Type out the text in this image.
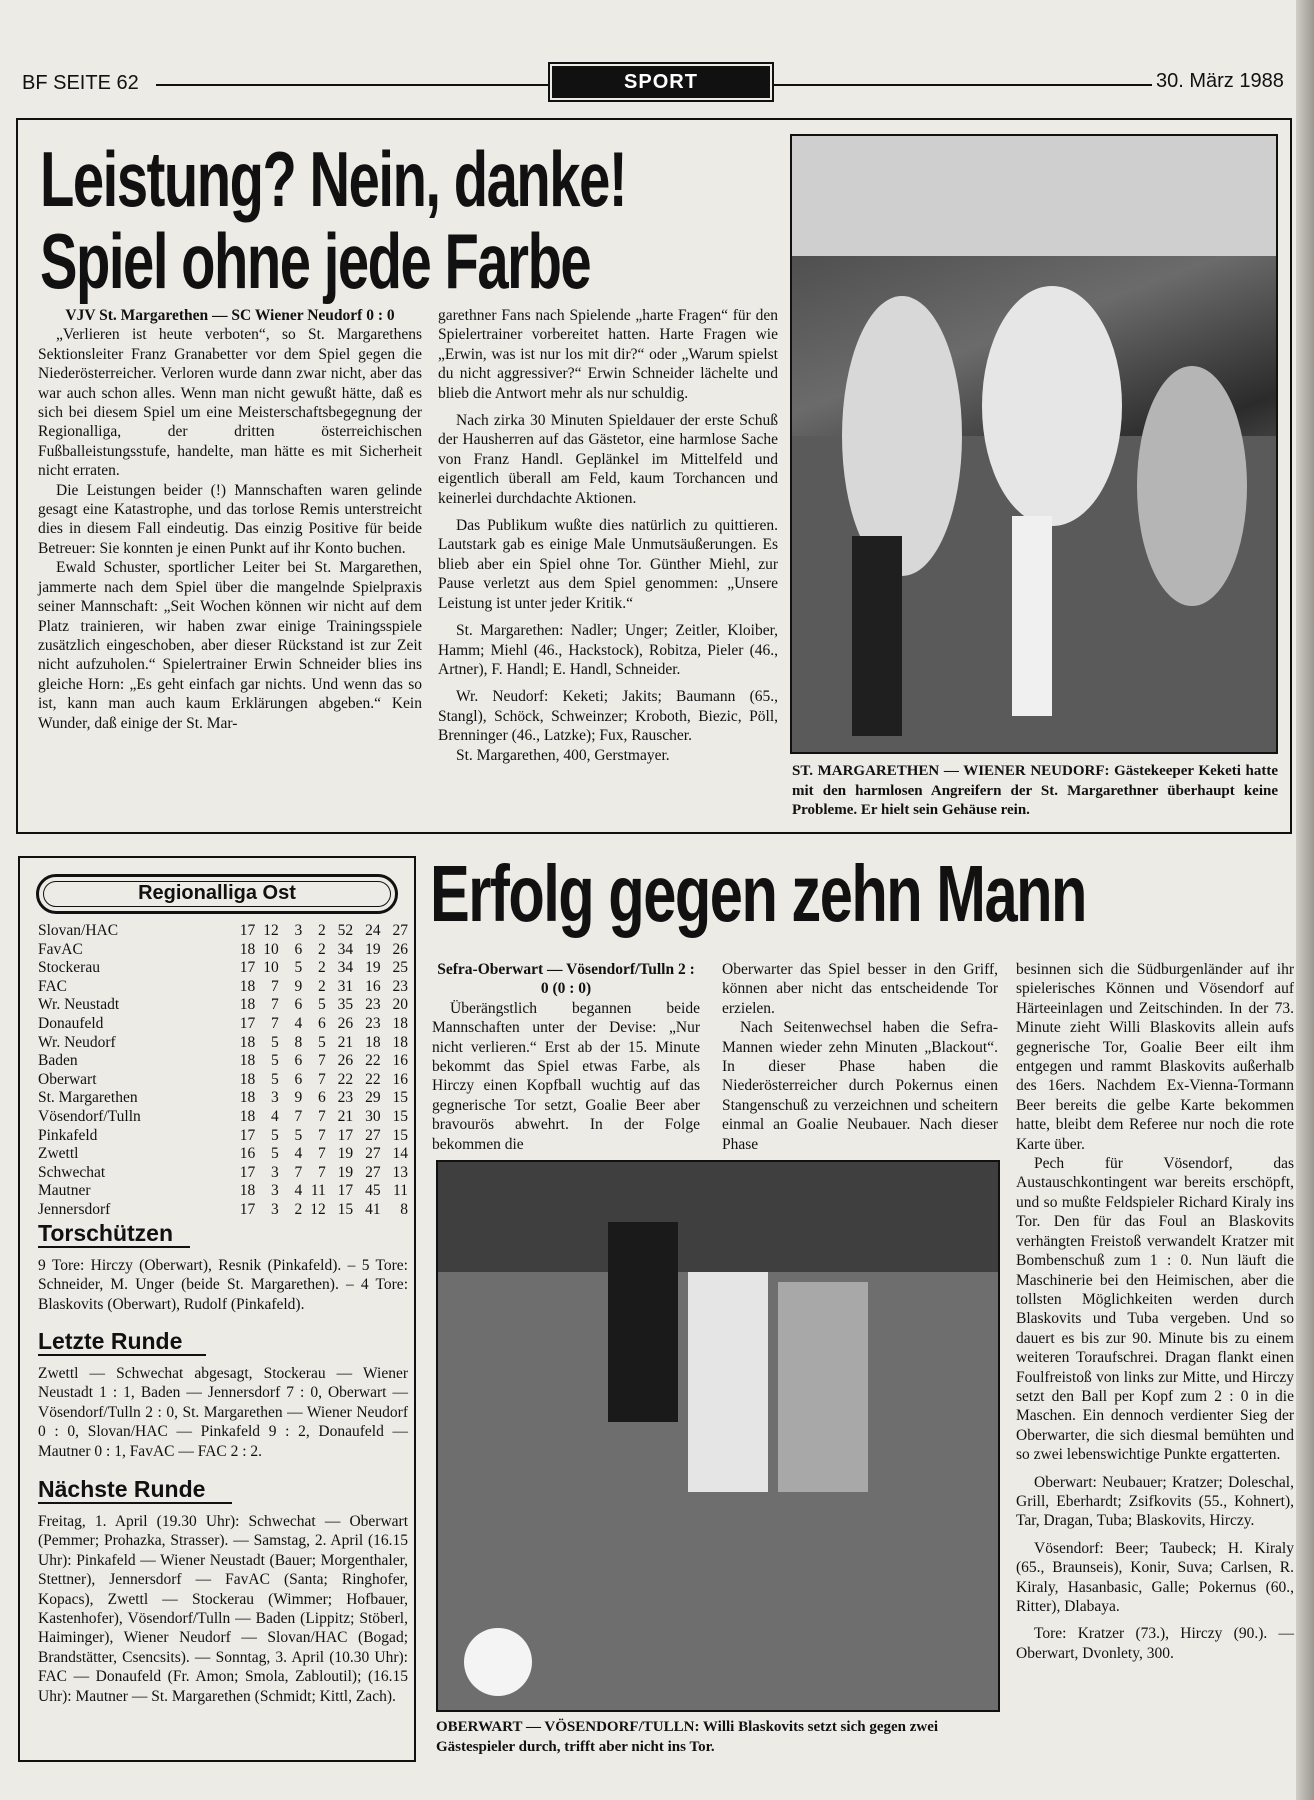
BF SEITE 62	SPORT	30. März 1988
Leistung? Nein, danke!
Spiel ohne jede Farbe

VJV St. Margarethen — SC Wiener Neudorf 0 : 0

„Verlieren ist heute verboten“, so St. Margarethens Sektionsleiter Franz Granabetter vor dem Spiel gegen die Niederösterreicher. Verloren wurde dann zwar nicht, aber das war auch schon alles. Wenn man nicht gewußt hätte, daß es sich bei diesem Spiel um eine Meisterschaftsbegegnung der Regionalliga, der dritten österreichischen Fußballeistungsstufe, handelte, man hätte es mit Sicherheit nicht erraten.

Die Leistungen beider (!) Mannschaften waren gelinde gesagt eine Katastrophe, und das torlose Remis unterstreicht dies in diesem Fall eindeutig. Das einzig Positive für beide Betreuer: Sie konnten je einen Punkt auf ihr Konto buchen.

Ewald Schuster, sportlicher Leiter bei St. Margarethen, jammerte nach dem Spiel über die mangelnde Spielpraxis seiner Mannschaft: „Seit Wochen können wir nicht auf dem Platz trainieren, wir haben zwar einige Trainingsspiele zusätzlich eingeschoben, aber dieser Rückstand ist zur Zeit nicht aufzuholen.“ Spielertrainer Erwin Schneider blies ins gleiche Horn: „Es geht einfach gar nichts. Und wenn das so ist, kann man auch kaum Erklärungen abgeben.“ Kein Wunder, daß einige der St. Mar-

garethner Fans nach Spielende „harte Fragen“ für den Spielertrainer vorbereitet hatten. Harte Fragen wie „Erwin, was ist nur los mit dir?“ oder „Warum spielst du nicht aggressiver?“ Erwin Schneider lächelte und blieb die Antwort mehr als nur schuldig.

Nach zirka 30 Minuten Spieldauer der erste Schuß der Hausherren auf das Gästetor, eine harmlose Sache von Franz Handl. Geplänkel im Mittelfeld und eigentlich überall am Feld, kaum Torchancen und keinerlei durchdachte Aktionen.

Das Publikum wußte dies natürlich zu quittieren. Lautstark gab es einige Male Unmutsäußerungen. Es blieb aber ein Spiel ohne Tor. Günther Miehl, zur Pause verletzt aus dem Spiel genommen: „Unsere Leistung ist unter jeder Kritik.“

St. Margarethen: Nadler; Unger; Zeitler, Kloiber, Hamm; Miehl (46., Hackstock), Robitza, Pieler (46., Artner), F. Handl; E. Handl, Schneider.

Wr. Neudorf: Keketi; Jakits; Baumann (65., Stangl), Schöck, Schweinzer; Kroboth, Biezic, Pöll, Brenninger (46., Latzke); Fux, Rauscher.

St. Margarethen, 400, Gerstmayer.

ST. MARGARETHEN — WIENER NEUDORF: Gästekeeper Keketi hatte mit den harmlosen Angreifern der St. Margarethner überhaupt keine Probleme. Er hielt sein Gehäuse rein.
Regionalliga Ost
Slovan/HAC	17 12	3	2 52 24 27
FavAC	18 10	6	2 34 19 26
Stockerau	17 10	5	2 34 19 25
FAC	18	7	9	2 31 16 23
Wr. Neustadt	18	7	6	5 35 23 20
Donaufeld	17	7	4	6 26 23 18
Wr. Neudorf	18	5	8	5 21 18 18
Baden	18	5	6	7 26 22 16
Oberwart	18	5	6	7 22 22 16
St. Margarethen	18	3	9	6 23 29 15
Vösendorf/Tulln	18	4	7	7 21 30 15
Pinkafeld	17	5	5	7 17 27 15
Zwettl	16	5	4	7 19 27 14
Schwechat	17	3	7	7 19 27 13
Mautner	18	3	4 11 17 45 11
Jennersdorf	17	3	2 12 15 41	8
Torschützen

9 Tore: Hirczy (Oberwart), Resnik (Pinkafeld). – 5 Tore: Schneider, M. Unger (beide St. Margarethen). – 4 Tore: Blaskovits (Oberwart), Rudolf (Pinkafeld).

Letzte Runde

Zwettl — Schwechat abgesagt, Stockerau — Wiener Neustadt 1 : 1, Baden — Jennersdorf 7 : 0, Oberwart — Vösendorf/Tulln 2 : 0, St. Margarethen — Wiener Neudorf 0 : 0, Slovan/HAC — Pinkafeld 9 : 2, Donaufeld — Mautner 0 : 1, FavAC — FAC 2 : 2.

Nächste Runde

Freitag, 1. April (19.30 Uhr): Schwechat — Oberwart (Pemmer; Prohazka, Strasser). — Samstag, 2. April (16.15 Uhr): Pinkafeld — Wiener Neustadt (Bauer; Morgenthaler, Stettner), Jennersdorf — FavAC (Santa; Ringhofer, Kopacs), Zwettl — Stockerau (Wimmer; Hofbauer, Kastenhofer), Vösendorf/Tulln — Baden (Lippitz; Stöberl, Haiminger), Wiener Neudorf — Slovan/HAC (Bogad; Brandstätter, Csencsits). — Sonntag, 3. April (10.30 Uhr): FAC — Donaufeld (Fr. Amon; Smola, Zabloutil); (16.15 Uhr): Mautner — St. Margarethen (Schmidt; Kittl, Zach).

Erfolg gegen zehn Mann

Sefra-Oberwart — Vösendorf/Tulln 2 : 0 (0 : 0)

Überängstlich begannen beide Mannschaften unter der Devise: „Nur nicht verlieren.“ Erst ab der 15. Minute bekommt das Spiel etwas Farbe, als Hirczy einen Kopfball wuchtig auf das gegnerische Tor setzt, Goalie Beer aber bravourös abwehrt. In der Folge bekommen die

Oberwarter das Spiel besser in den Griff, können aber nicht das entscheidende Tor erzielen.

Nach Seitenwechsel haben die Sefra-Mannen wieder zehn Minuten „Blackout“. In dieser Phase haben die Niederösterreicher durch Pokernus einen Stangenschuß zu verzeichnen und scheitern einmal an Goalie Neubauer. Nach dieser Phase

besinnen sich die Südburgenländer auf ihr spielerisches Können und Vösendorf auf Härteeinlagen und Zeitschinden. In der 73. Minute zieht Willi Blaskovits allein aufs gegnerische Tor, Goalie Beer eilt ihm entgegen und rammt Blaskovits außerhalb des 16ers. Nachdem Ex-Vienna-Tormann Beer bereits die gelbe Karte bekommen hatte, bleibt dem Referee nur noch die rote Karte über.

Pech für Vösendorf, das Austauschkontingent war bereits erschöpft, und so mußte Feldspieler Richard Kiraly ins Tor. Den für das Foul an Blaskovits verhängten Freistoß verwandelt Kratzer mit Bombenschuß zum 1 : 0. Nun läuft die Maschinerie bei den Heimischen, aber die tollsten Möglichkeiten werden durch Blaskovits und Tuba vergeben. Und so dauert es bis zur 90. Minute bis zu einem weiteren Toraufschrei. Dragan flankt einen Foulfreistoß von links zur Mitte, und Hirczy setzt den Ball per Kopf zum 2 : 0 in die Maschen. Ein dennoch verdienter Sieg der Oberwarter, die sich diesmal bemühten und so zwei lebenswichtige Punkte ergatterten.

Oberwart: Neubauer; Kratzer; Doleschal, Grill, Eberhardt; Zsifkovits (55., Kohnert), Tar, Dragan, Tuba; Blaskovits, Hirczy.

Vösendorf: Beer; Taubeck; H. Kiraly (65., Braunseis), Konir, Suva; Carlsen, R. Kiraly, Hasanbasic, Galle; Pokernus (60., Ritter), Dlabaya.

Tore: Kratzer (73.), Hirczy (90.). — Oberwart, Dvonlety, 300.

OBERWART — VÖSENDORF/TULLN: Willi Blaskovits setzt sich gegen zwei Gästespieler durch, trifft aber nicht ins Tor.
